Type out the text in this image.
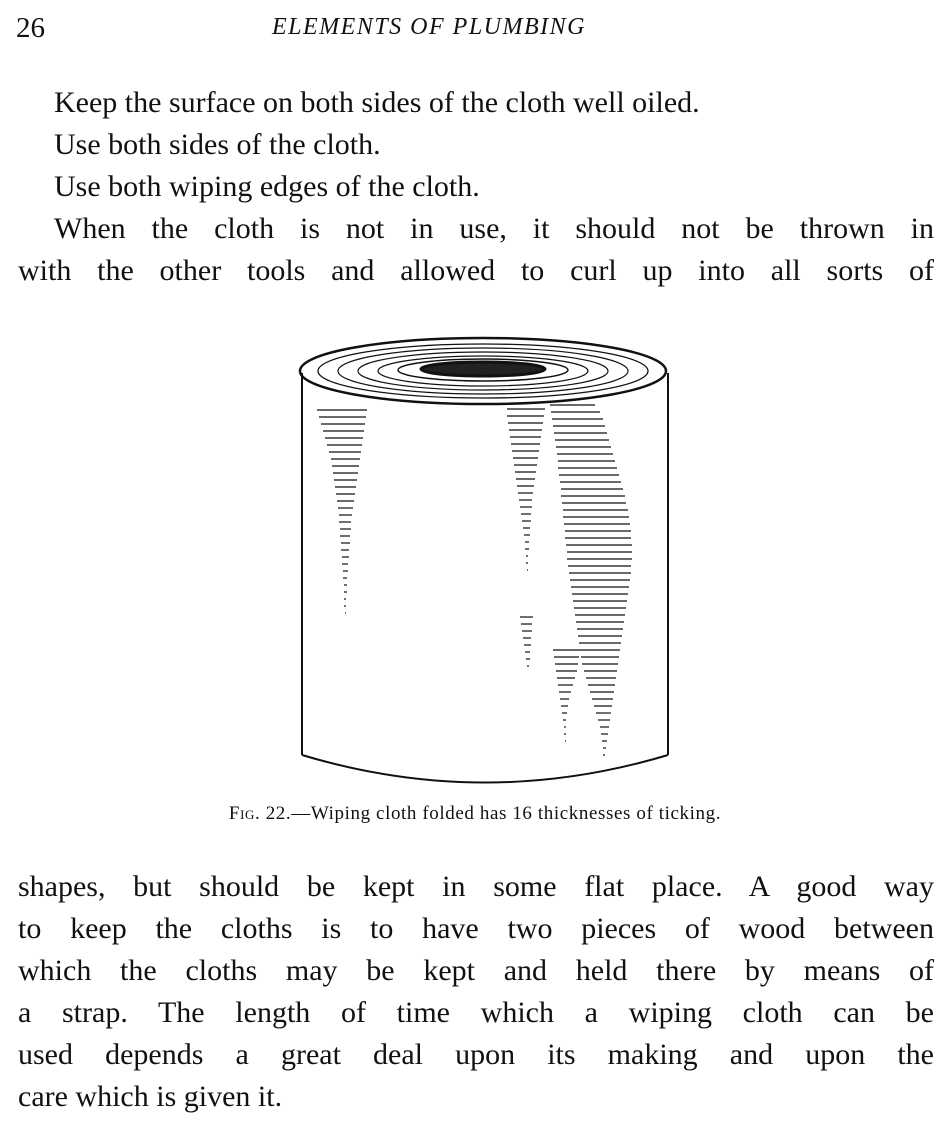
26	ELEMENTS OF PLUMBING

Keep the surface on both sides of the cloth well oiled.

Use both sides of the cloth.

Use both wiping edges of the cloth.

When the cloth is not in use, it should not be thrown in
with the other tools and allowed to curl up into all sorts of
Fig. 22.—Wiping cloth folded has 16 thicknesses of ticking.
shapes, but should be kept in some flat place. A good way
to keep the cloths is to have two pieces of wood between
which the cloths may be kept and held there by means of
a strap. The length of time which a wiping cloth can be
used depends a great deal upon its making and upon the
care which is given it.
